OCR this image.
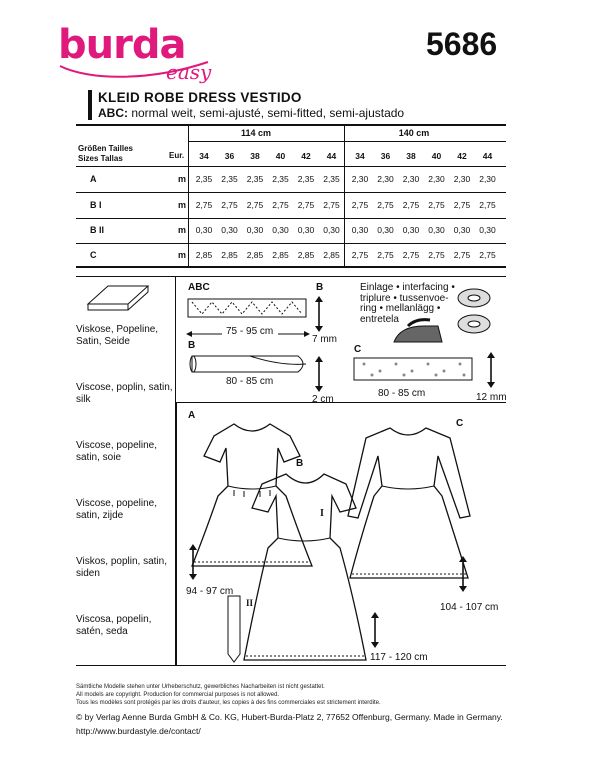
burda
easy
5686
KLEID ROBE DRESS VESTIDO
ABC: normal weit, semi-ajusté, semi-fitted, semi-ajustado
114 cm	140 cm
Größen Tailles
Sizes Tallas	Eur.	34	36	38	40	42	44	34	36	38	40	42	44
A	m	2,35	2,35	2,35	2,35	2,35	2,35	2,30	2,30	2,30	2,30	2,30	2,30
B I	m	2,75	2,75	2,75	2,75	2,75	2,75	2,75	2,75	2,75	2,75	2,75	2,75
B II	m	0,30	0,30	0,30	0,30	0,30	0,30	0,30	0,30	0,30	0,30	0,30	0,30
C	m	2,85	2,85	2,85	2,85	2,85	2,85	2,75	2,75	2,75	2,75	2,75	2,75
Viskose, Popeline,
Satin, Seide
Viscose, poplin, satin,
silk
Viscose, popeline,
satin, soie
Viscose, popeline,
satin, zijde
Viskos, poplin, satin,
siden
Viscosa, popelin,
satén, seda
ABC
75 - 95 cm
B
7 mm
B
80 - 85 cm
2 cm
Einlage • interfacing •
triplure • tussenvoe-
ring • mellanlägg •
entretela
C
80 - 85 cm	12 mm
A
94 - 97 cm
B
I
II
117 - 120 cm
C
104 - 107 cm
Sämtliche Modelle stehen unter Urheberschutz, gewerbliches Nacharbeiten ist nicht gestattet.
All models are copyright. Production for commercial purposes is not allowed.
Tous les modèles sont protégés par les droits d'auteur, les copies à des fins commerciales est strictement interdite.
© by Verlag Aenne Burda GmbH & Co. KG, Hubert-Burda-Platz 2, 77652 Offenburg, Germany. Made in Germany.
http://www.burdastyle.de/contact/
